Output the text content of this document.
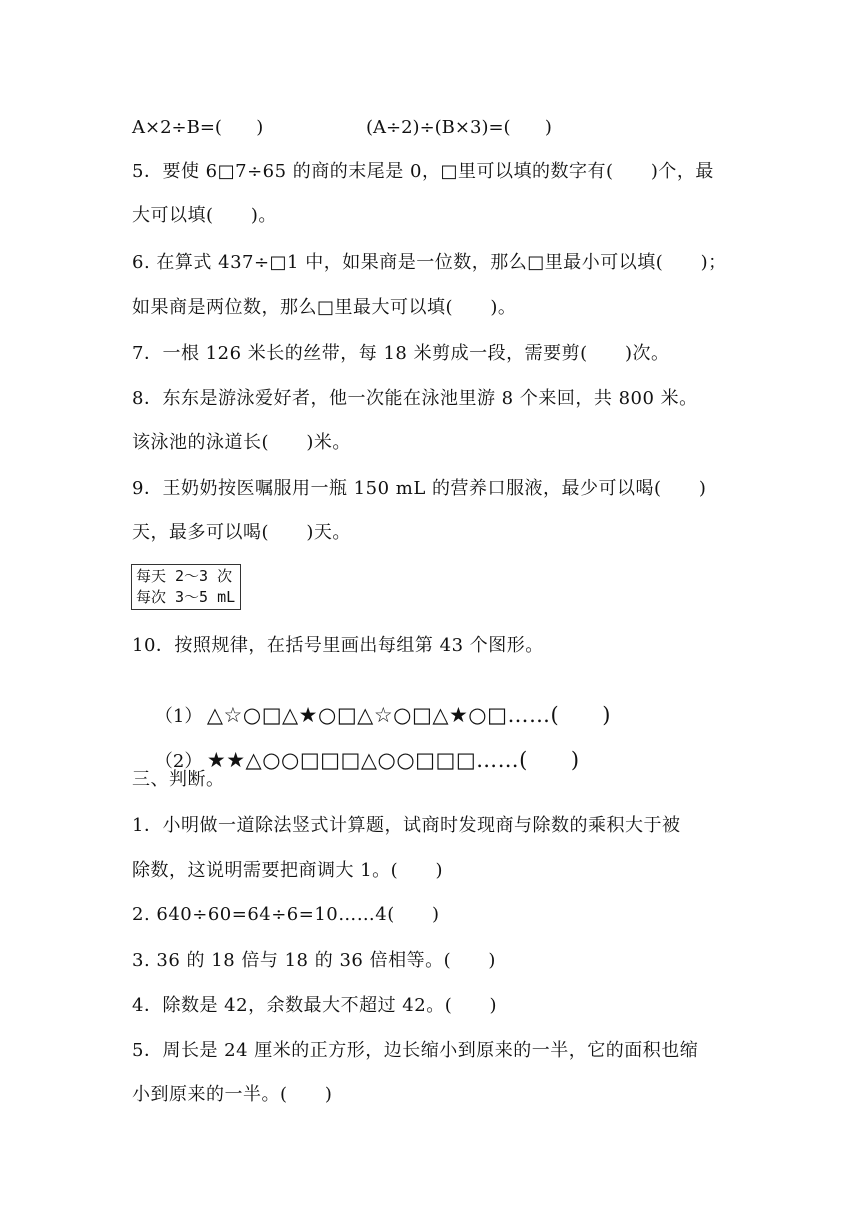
A×2÷B=(      )	(A÷2)÷(B×3)=(      )
5．要使 6□7÷65 的商的末尾是 0，□里可以填的数字有(      )个，最
大可以填(      )。
6. 在算式 437÷□1 中，如果商是一位数，那么□里最小可以填(      )；
如果商是两位数，那么□里最大可以填(      )。
7．一根 126 米长的丝带，每 18 米剪成一段，需要剪(      )次。
8．东东是游泳爱好者，他一次能在泳池里游 8 个来回，共 800 米。
该泳池的泳道长(      )米。
9．王奶奶按医嘱服用一瓶 150 mL 的营养口服液，最少可以喝(      )
天，最多可以喝(      )天。
每天 2～3 次
每次 3～5 mL
10．按照规律，在括号里画出每组第 43 个图形。

（1） △☆○□△★○□△☆○□△★○□……(      )

（2） ★★△○○□□□△○○□□□……(      )

三、判断。
1．小明做一道除法竖式计算题，试商时发现商与除数的乘积大于被
除数，这说明需要把商调大 1。(      )
2. 640÷60=64÷6=10……4(      )
3. 36 的 18 倍与 18 的 36 倍相等。(      )
4．除数是 42，余数最大不超过 42。(      )
5．周长是 24 厘米的正方形，边长缩小到原来的一半，它的面积也缩
小到原来的一半。(      )
